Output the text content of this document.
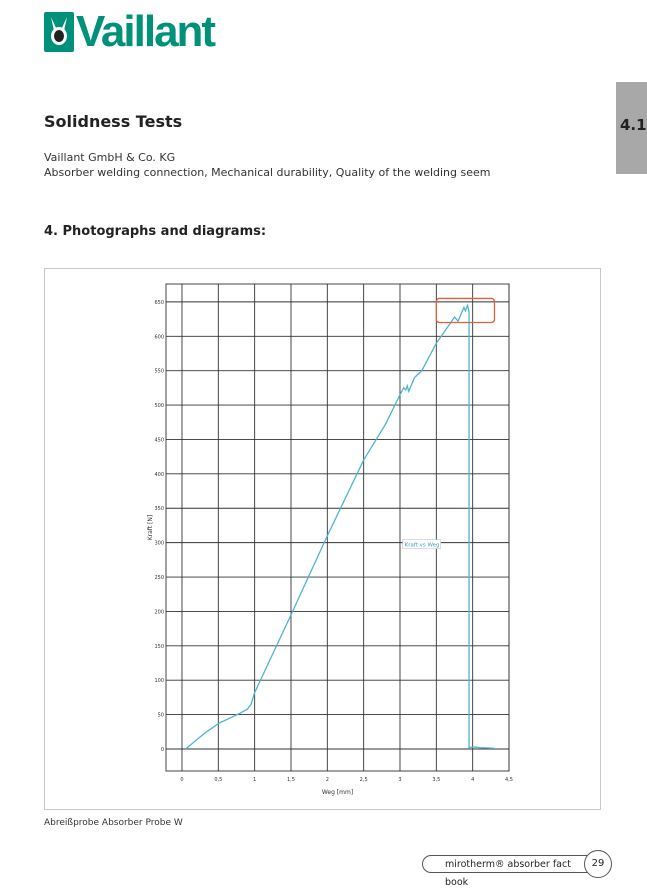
Vaillant
4.1
Solidness Tests
Vaillant GmbH & Co. KG
Absorber welding connection, Mechanical durability, Quality of the welding seem
4. Photographs and diagrams:
0	0,5	1	1,5	2	2,5	3	3,5	4	4,5
0
50
100
150
200
250
300
350
400
450
500
550
600
650
Weg [mm]
Kraft [N]
Kraft vs Weg
Abreißprobe Absorber Probe W
mirotherm® absorber fact book
29
